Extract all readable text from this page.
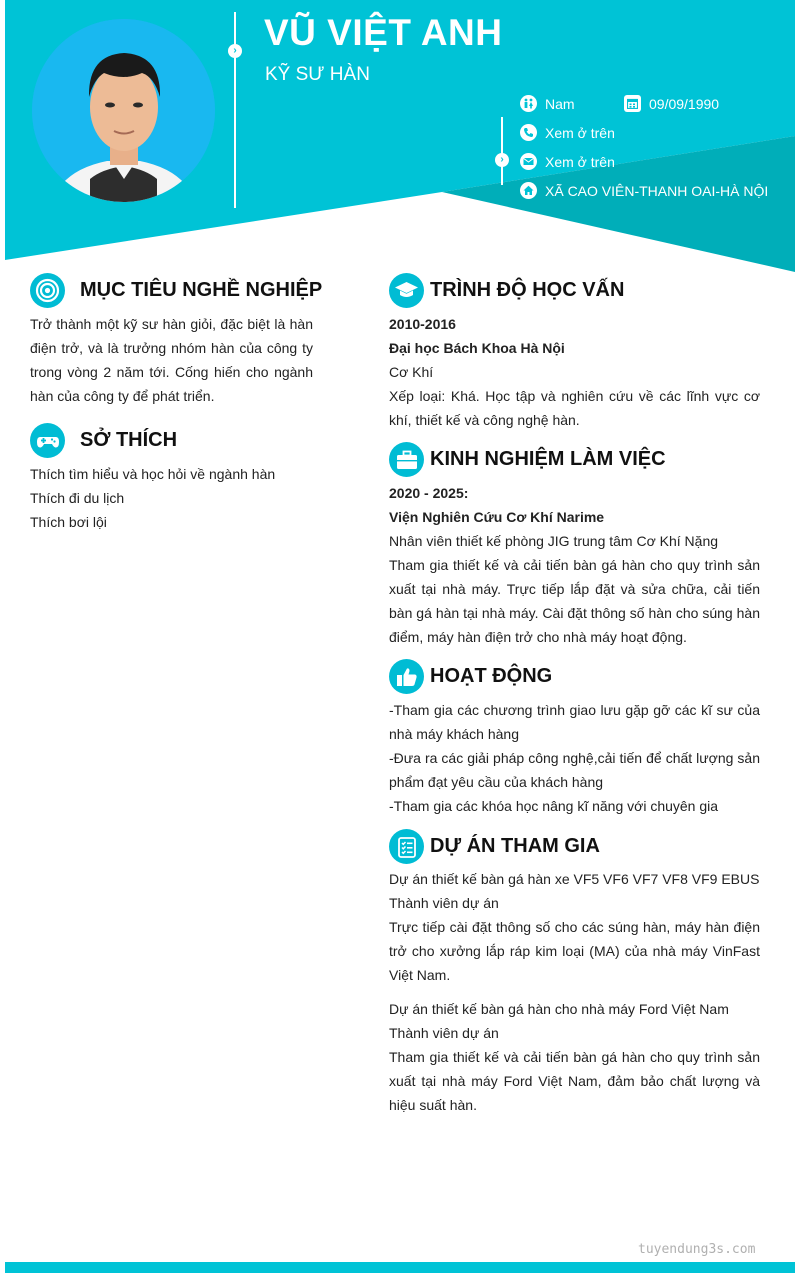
› VŨ VIỆT ANH
KỸ SƯ HÀN
›
Nam	09/09/1990
Xem ở trên
Xem ở trên
XÃ CAO VIÊN-THANH OAI-HÀ NỘI
MỤC TIÊU NGHỀ NGHIỆP
Trở thành một kỹ sư hàn giỏi, đặc biệt là hàn điện trở, và là trưởng nhóm hàn của công ty trong vòng 2 năm tới. Cống hiến cho ngành hàn của công ty để phát triển.
SỞ THÍCH
Thích tìm hiểu và học hỏi về ngành hàn
Thích đi du lịch
Thích bơi lội
TRÌNH ĐỘ HỌC VẤN
2010-2016
Đại học Bách Khoa Hà Nội
Cơ Khí
Xếp loại: Khá. Học tập và nghiên cứu về các lĩnh vực cơ khí, thiết kế và công nghệ hàn.
KINH NGHIỆM LÀM VIỆC
2020 - 2025:
Viện Nghiên Cứu Cơ Khí Narime
Nhân viên thiết kế phòng JIG trung tâm Cơ Khí Nặng
Tham gia thiết kế và cải tiến bàn gá hàn cho quy trình sản xuất tại nhà máy. Trực tiếp lắp đặt và sửa chữa, cải tiến bàn gá hàn tại nhà máy. Cài đặt thông số hàn cho súng hàn điểm, máy hàn điện trở cho nhà máy hoạt động.
HOẠT ĐỘNG
-Tham gia các chương trình giao lưu gặp gỡ các kĩ sư của nhà máy khách hàng
-Đưa ra các giải pháp công nghệ,cải tiến để chất lượng sản phẩm đạt yêu cầu của khách hàng
-Tham gia các khóa học nâng kĩ năng với chuyên gia
DỰ ÁN THAM GIA
Dự án thiết kế bàn gá hàn xe VF5 VF6 VF7 VF8 VF9 EBUS
Thành viên dự án
Trực tiếp cài đặt thông số cho các súng hàn, máy hàn điện trở cho xưởng lắp ráp kim loại (MA) của nhà máy VinFast Việt Nam.
Dự án thiết kế bàn gá hàn cho nhà máy Ford Việt Nam
Thành viên dự án
Tham gia thiết kế và cải tiến bàn gá hàn cho quy trình sản xuất tại nhà máy Ford Việt Nam, đảm bảo chất lượng và hiệu suất hàn.
tuyendung3s.com
